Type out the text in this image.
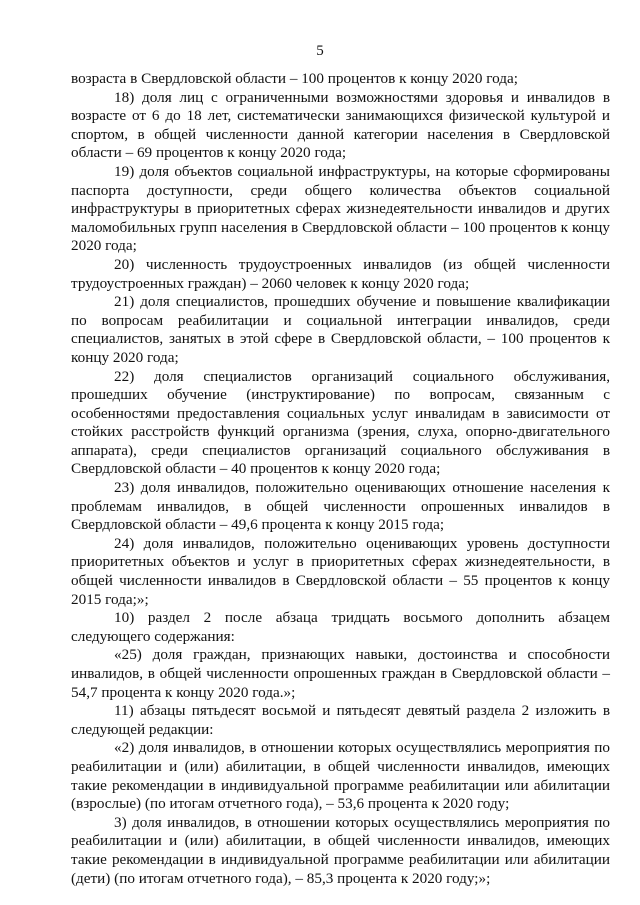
5

возраста в Свердловской области – 100 процентов к концу 2020 года;

18) доля лиц с ограниченными возможностями здоровья и инвалидов в возрасте от 6 до 18 лет, систематически занимающихся физической культурой и спортом, в общей численности данной категории населения в Свердловской области – 69 процентов к концу 2020 года;

19) доля объектов социальной инфраструктуры, на которые сформированы паспорта доступности, среди общего количества объектов социальной инфраструктуры в приоритетных сферах жизнедеятельности инвалидов и других маломобильных групп населения в Свердловской области – 100 процентов к концу 2020 года;

20) численность трудоустроенных инвалидов (из общей численности трудоустроенных граждан) – 2060 человек к концу 2020 года;

21) доля специалистов, прошедших обучение и повышение квалификации по вопросам реабилитации и социальной интеграции инвалидов, среди специалистов, занятых в этой сфере в Свердловской области, – 100 процентов к концу 2020 года;

22) доля специалистов организаций социального обслуживания, прошедших обучение (инструктирование) по вопросам, связанным с особенностями предоставления социальных услуг инвалидам в зависимости от стойких расстройств функций организма (зрения, слуха, опорно-двигательного аппарата), среди специалистов организаций социального обслуживания в Свердловской области – 40 процентов к концу 2020 года;

23) доля инвалидов, положительно оценивающих отношение населения к проблемам инвалидов, в общей численности опрошенных инвалидов в Свердловской области – 49,6 процента к концу 2015 года;

24) доля инвалидов, положительно оценивающих уровень доступности приоритетных объектов и услуг в приоритетных сферах жизнедеятельности, в общей численности инвалидов в Свердловской области – 55 процентов к концу 2015 года;»;

10) раздел 2 после абзаца тридцать восьмого дополнить абзацем следующего содержания:

«25) доля граждан, признающих навыки, достоинства и способности инвалидов, в общей численности опрошенных граждан в Свердловской области – 54,7 процента к концу 2020 года.»;

11) абзацы пятьдесят восьмой и пятьдесят девятый раздела 2 изложить в следующей редакции:

«2) доля инвалидов, в отношении которых осуществлялись мероприятия по реабилитации и (или) абилитации, в общей численности инвалидов, имеющих такие рекомендации в индивидуальной программе реабилитации или абилитации (взрослые) (по итогам отчетного года), – 53,6 процента к 2020 году;

3) доля инвалидов, в отношении которых осуществлялись мероприятия по реабилитации и (или) абилитации, в общей численности инвалидов, имеющих такие рекомендации в индивидуальной программе реабилитации или абилитации (дети) (по итогам отчетного года), – 85,3 процента к 2020 году;»;
